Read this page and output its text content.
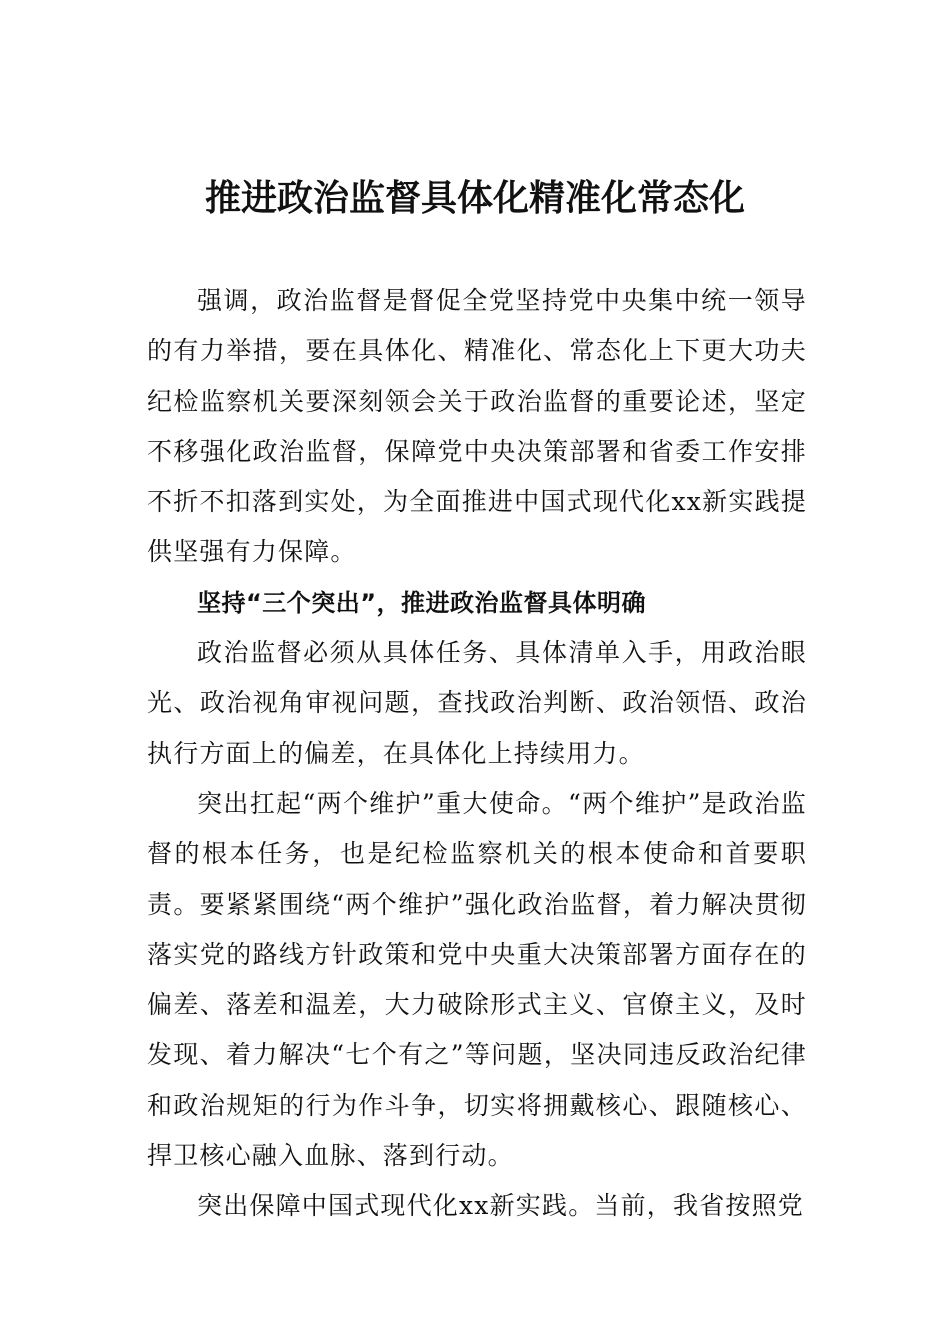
推进政治监督具体化精准化常态化

强调，政治监督是督促全党坚持党中央集中统一领导的有力举措，要在具体化、精准化、常态化上下更大功夫纪检监察机关要深刻领会关于政治监督的重要论述，坚定不移强化政治监督，保障党中央决策部署和省委工作安排不折不扣落到实处，为全面推进中国式现代化xx新实践提供坚强有力保障。

坚持“三个突出”，推进政治监督具体明确

政治监督必须从具体任务、具体清单入手，用政治眼光、政治视角审视问题，查找政治判断、政治领悟、政治执行方面上的偏差，在具体化上持续用力。

突出扛起“两个维护”重大使命。“两个维护”是政治监督的根本任务，也是纪检监察机关的根本使命和首要职责。要紧紧围绕“两个维护”强化政治监督，着力解决贯彻落实党的路线方针政策和党中央重大决策部署方面存在的偏差、落差和温差，大力破除形式主义、官僚主义，及时发现、着力解决“七个有之”等问题，坚决同违反政治纪律和政治规矩的行为作斗争，切实将拥戴核心、跟随核心、捍卫核心融入血脉、落到行动。

突出保障中国式现代化xx新实践。当前，我省按照党
